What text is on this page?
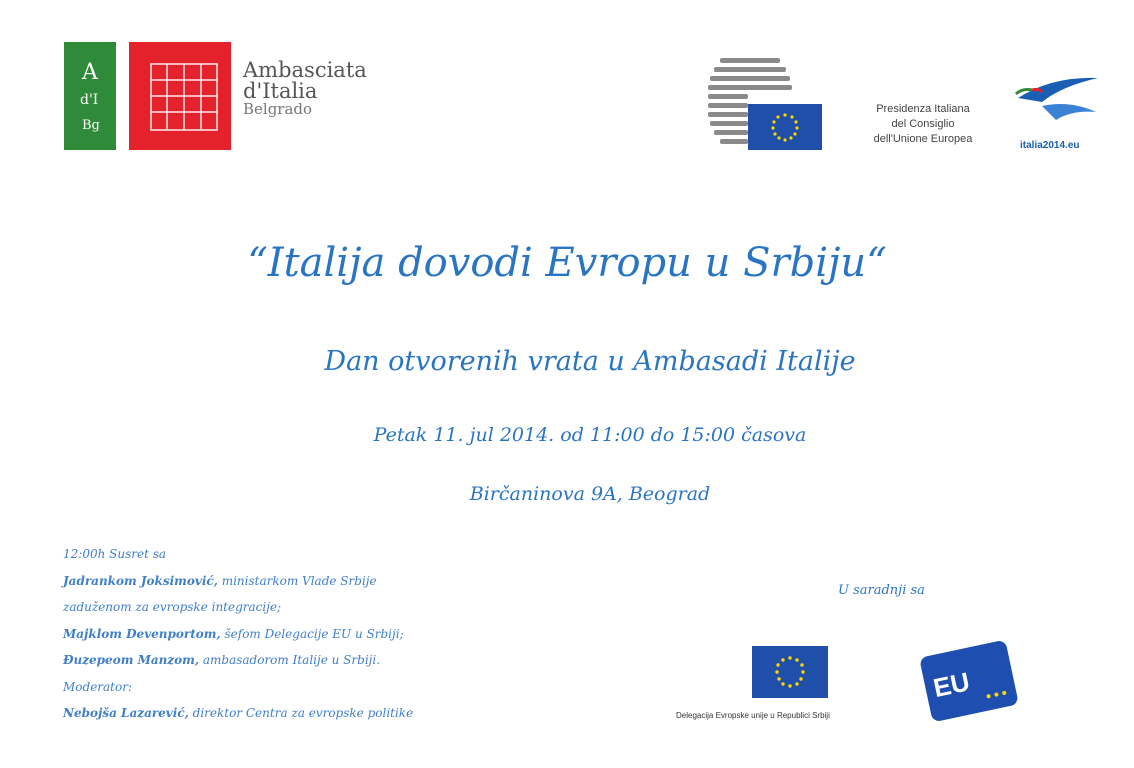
A
d'I
Bg
Ambasciata
d'Italia
Belgrado	Presidenza Italiana
del Consiglio
dell'Unione Europea
italia2014.eu
“Italija dovodi Evropu u Srbiju“
Dan otvorenih vrata u Ambasadi Italije
Petak 11. jul 2014. od 11:00 do 15:00 časova
Birčaninova 9A, Beograd
12:00h Susret sa
Jadrankom Joksimović, ministarkom Vlade Srbije
zaduženom za evropske integracije;
Majklom Devenportom, šefom Delegacije EU u Srbiji;
Đuzepeom Manzom, ambasadorom Italije u Srbiji.
Moderator:
Nebojša Lazarević, direktor Centra za evropske politike
U saradnji sa
Delegacija Evropske unije u Republici Srbiji
EU
